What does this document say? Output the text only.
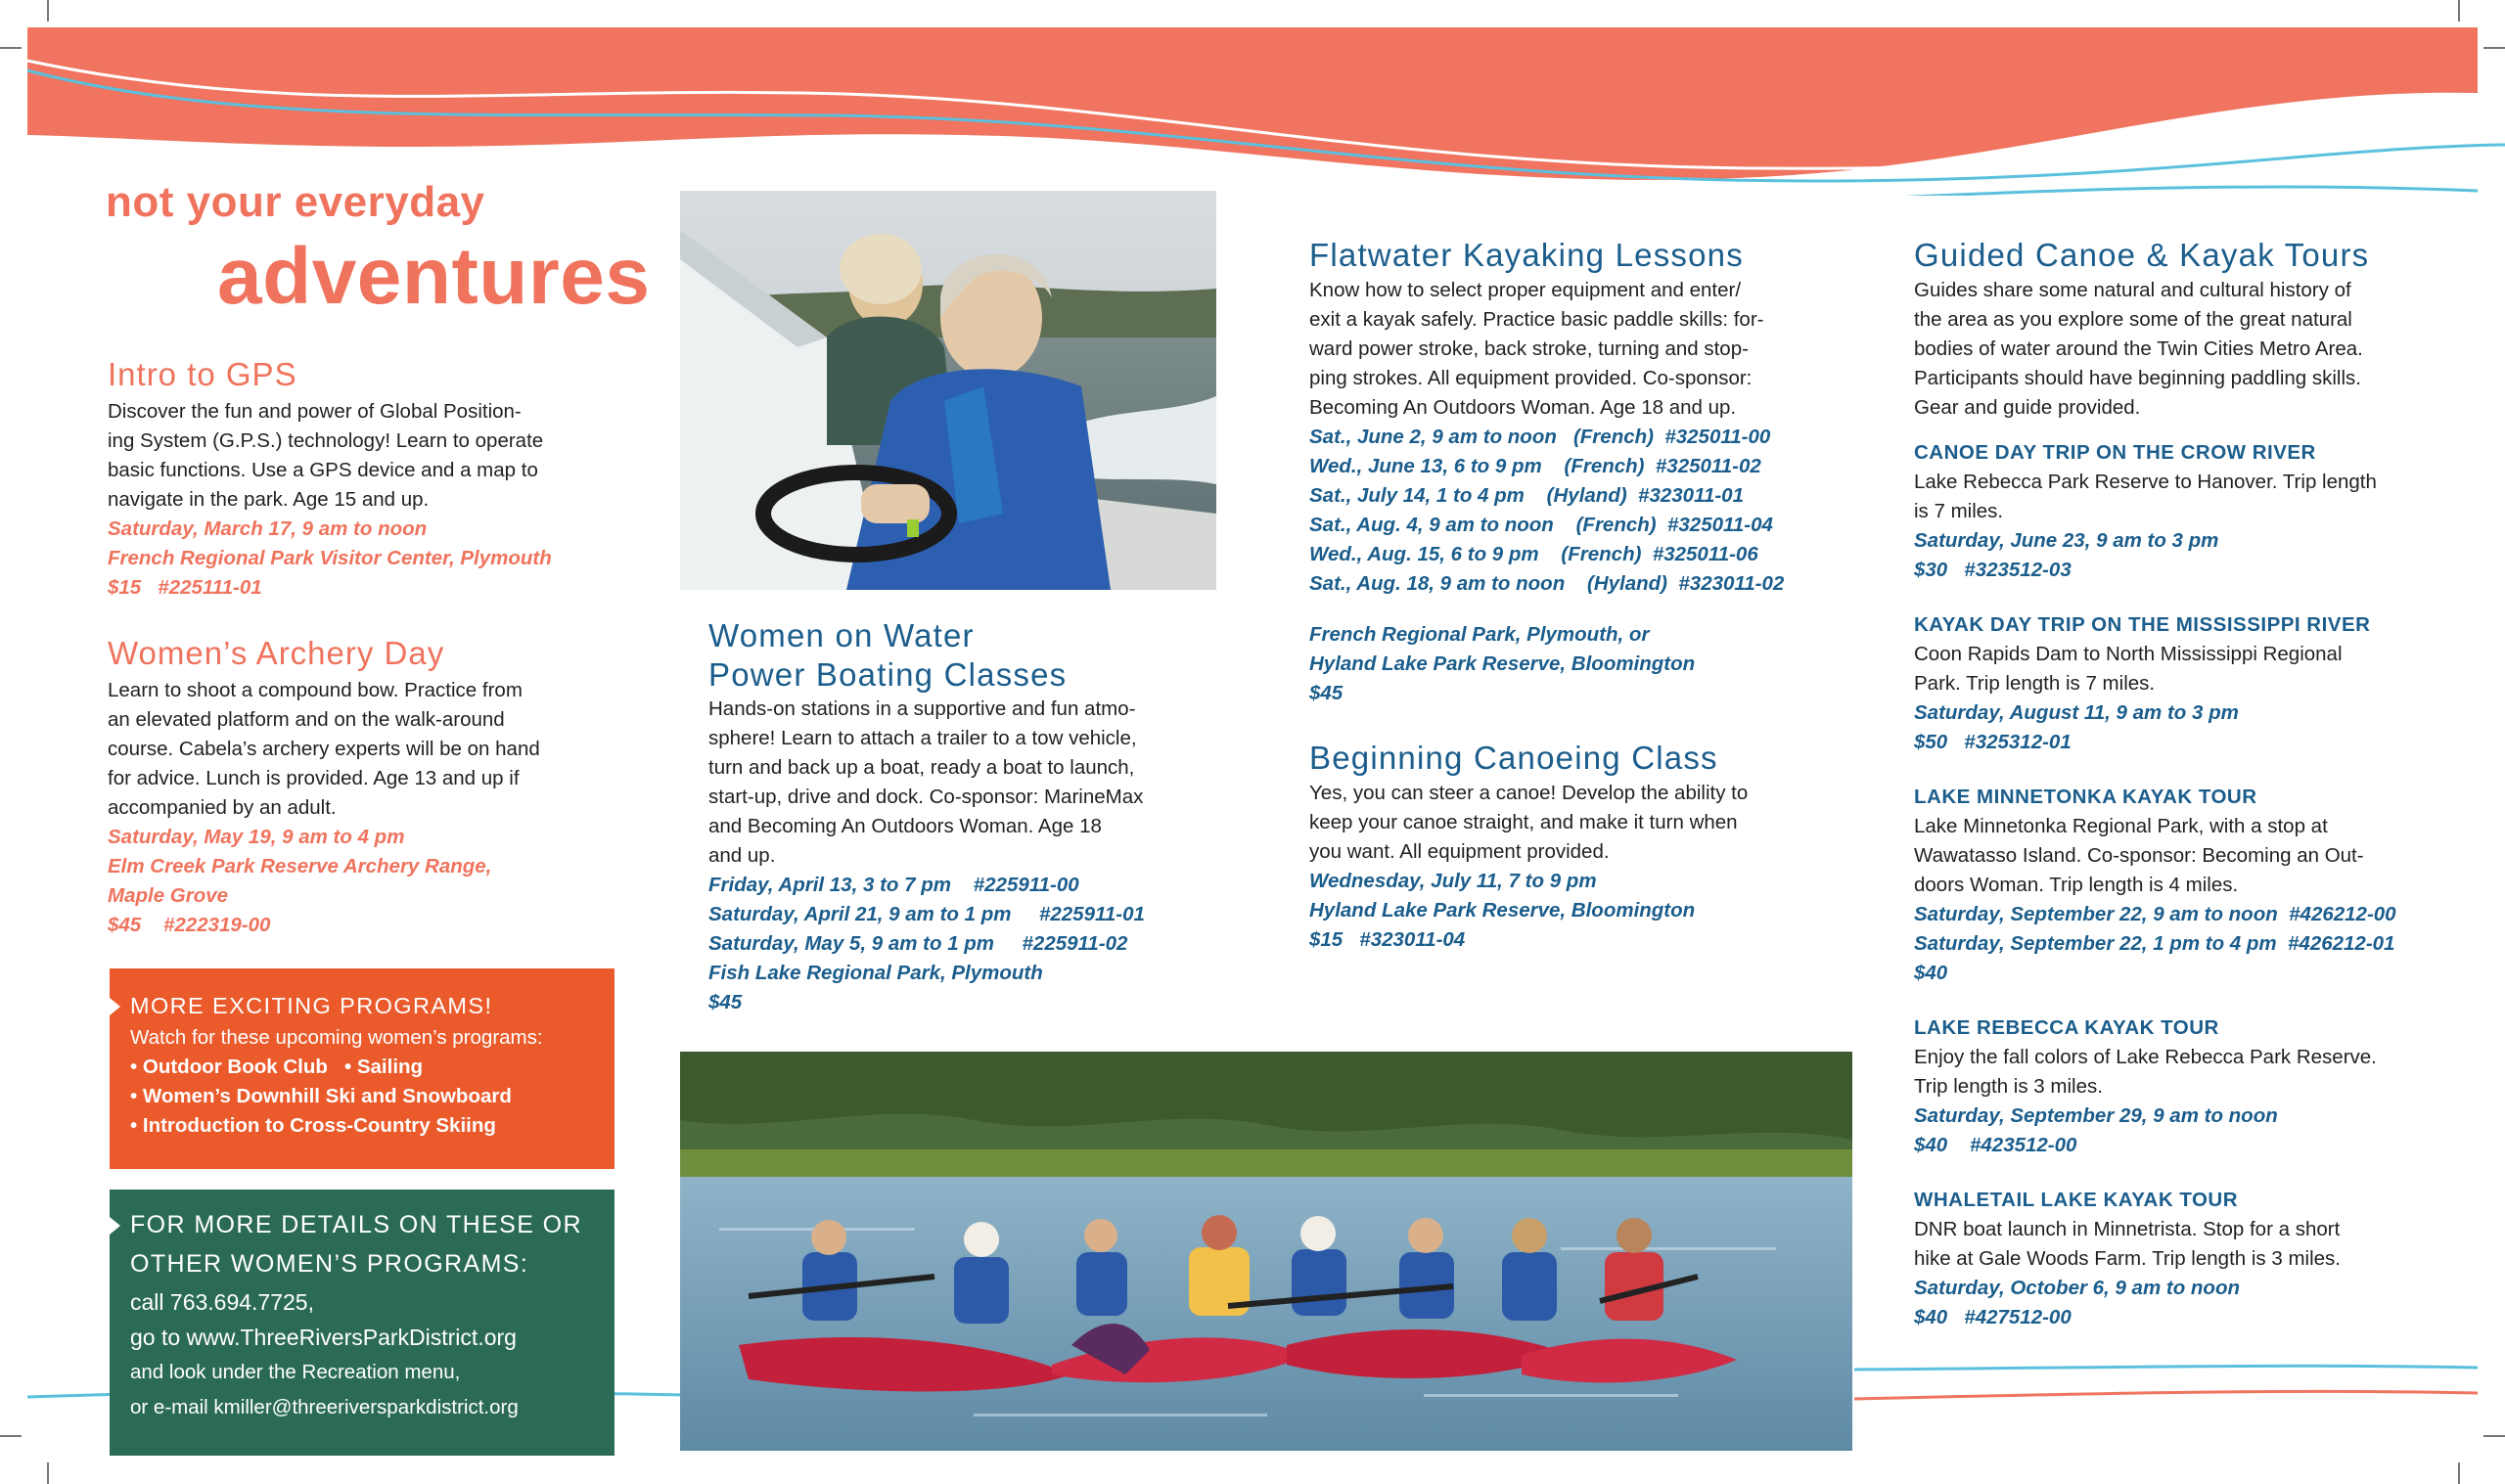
not your everyday
adventures
Intro to GPS
Discover the fun and power of Global Position-
ing System (G.P.S.) technology! Learn to operate
basic functions. Use a GPS device and a map to
navigate in the park. Age 15 and up.
Saturday, March 17, 9 am to noon
French Regional Park Visitor Center, Plymouth
$15   #225111-01
Women’s Archery Day
Learn to shoot a compound bow. Practice from
an elevated platform and on the walk-around
course. Cabela’s archery experts will be on hand
for advice. Lunch is provided. Age 13 and up if
accompanied by an adult.
Saturday, May 19, 9 am to 4 pm
Elm Creek Park Reserve Archery Range,
Maple Grove
$45    #222319-00
MORE EXCITING PROGRAMS!
Watch for these upcoming women’s programs:
• Outdoor Book Club   • Sailing
• Women’s Downhill Ski and Snowboard
• Introduction to Cross-Country Skiing
FOR MORE DETAILS ON THESE OR
OTHER WOMEN’S PROGRAMS:
call 763.694.7725,
go to www.ThreeRiversParkDistrict.org
and look under the Recreation menu,
or e-mail kmiller@threeriversparkdistrict.org
Women on Water
Power Boating Classes
Hands-on stations in a supportive and fun atmo-
sphere! Learn to attach a trailer to a tow vehicle,
turn and back up a boat, ready a boat to launch,
start-up, drive and dock. Co-sponsor: MarineMax
and Becoming An Outdoors Woman. Age 18
and up.
Friday, April 13, 3 to 7 pm    #225911-00
Saturday, April 21, 9 am to 1 pm     #225911-01
Saturday, May 5, 9 am to 1 pm     #225911-02
Fish Lake Regional Park, Plymouth
$45
Flatwater Kayaking Lessons
Know how to select proper equipment and enter/
exit a kayak safely. Practice basic paddle skills: for-
ward power stroke, back stroke, turning and stop-
ping strokes. All equipment provided. Co-sponsor:
Becoming An Outdoors Woman. Age 18 and up.
Sat., June 2, 9 am to noon   (French)  #325011-00
Wed., June 13, 6 to 9 pm    (French)  #325011-02
Sat., July 14, 1 to 4 pm    (Hyland)  #323011-01
Sat., Aug. 4, 9 am to noon    (French)  #325011-04
Wed., Aug. 15, 6 to 9 pm    (French)  #325011-06
Sat., Aug. 18, 9 am to noon    (Hyland)  #323011-02
French Regional Park, Plymouth, or
Hyland Lake Park Reserve, Bloomington
$45
Beginning Canoeing Class
Yes, you can steer a canoe! Develop the ability to
keep your canoe straight, and make it turn when
you want. All equipment provided.
Wednesday, July 11, 7 to 9 pm
Hyland Lake Park Reserve, Bloomington
$15   #323011-04
Guided Canoe & Kayak Tours
Guides share some natural and cultural history of
the area as you explore some of the great natural
bodies of water around the Twin Cities Metro Area.
Participants should have beginning paddling skills.
Gear and guide provided.
CANOE DAY TRIP ON THE CROW RIVER
Lake Rebecca Park Reserve to Hanover. Trip length
is 7 miles.
Saturday, June 23, 9 am to 3 pm
$30   #323512-03
KAYAK DAY TRIP ON THE MISSISSIPPI RIVER
Coon Rapids Dam to North Mississippi Regional
Park. Trip length is 7 miles.
Saturday, August 11, 9 am to 3 pm
$50   #325312-01
LAKE MINNETONKA KAYAK TOUR
Lake Minnetonka Regional Park, with a stop at
Wawatasso Island. Co-sponsor: Becoming an Out-
doors Woman. Trip length is 4 miles.
Saturday, September 22, 9 am to noon  #426212-00
Saturday, September 22, 1 pm to 4 pm  #426212-01
$40
LAKE REBECCA KAYAK TOUR
Enjoy the fall colors of Lake Rebecca Park Reserve.
Trip length is 3 miles.
Saturday, September 29, 9 am to noon
$40    #423512-00
WHALETAIL LAKE KAYAK TOUR
DNR boat launch in Minnetrista. Stop for a short
hike at Gale Woods Farm. Trip length is 3 miles.
Saturday, October 6, 9 am to noon
$40   #427512-00
